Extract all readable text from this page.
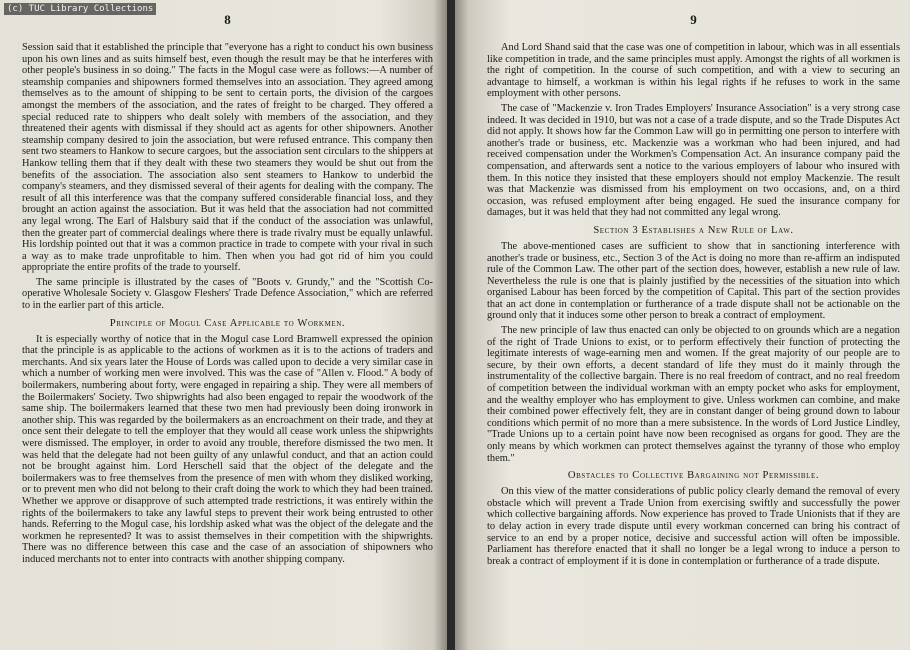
(c) TUC Library Collections
8

Session said that it established the principle that "everyone has a right to conduct his own business upon his own lines and as suits himself best, even though the result may be that he interferes with other people's business in so doing." The facts in the Mogul case were as follows:—A number of steamship companies and shipowners formed themselves into an association. They agreed among themselves as to the amount of shipping to be sent to certain ports, the division of the cargoes amongst the members of the association, and the rates of freight to be charged. They offered a special reduced rate to shippers who dealt solely with members of the association, and they threatened their agents with dismissal if they should act as agents for other shipowners. Another steamship company desired to join the association, but were refused entrance. This company then sent two steamers to Hankow to secure cargoes, but the association sent circulars to the shippers at Hankow telling them that if they dealt with these two steamers they would be shut out from the benefits of the association. The association also sent steamers to Hankow to underbid the company's steamers, and they dismissed several of their agents for dealing with the company. The result of all this interference was that the company suffered considerable financial loss, and they brought an action against the association. But it was held that the association had not committed any legal wrong. The Earl of Halsbury said that if the conduct of the association was unlawful, then the greater part of commercial dealings where there is trade rivalry must be equally unlawful. His lordship pointed out that it was a common practice in trade to compete with your rival in such a way as to make trade unprofitable to him. Then when you had got rid of him you could appropriate the entire profits of the trade to yourself.

The same principle is illustrated by the cases of "Boots v. Grundy," and the "Scottish Co-operative Wholesale Society v. Glasgow Fleshers' Trade Defence Association," which are referred to in the earlier part of this article.

Principle of Mogul Case Applicable to Workmen.

It is especially worthy of notice that in the Mogul case Lord Bramwell expressed the opinion that the principle is as applicable to the actions of workmen as it is to the actions of traders and merchants. And six years later the House of Lords was called upon to decide a very similar case in which a number of working men were involved. This was the case of "Allen v. Flood." A body of boilermakers, numbering about forty, were engaged in repairing a ship. They were all members of the Boilermakers' Society. Two shipwrights had also been engaged to repair the woodwork of the same ship. The boilermakers learned that these two men had previously been doing ironwork in another ship. This was regarded by the boilermakers as an encroachment on their trade, and they at once sent their delegate to tell the employer that they would all cease work unless the shipwrights were dismissed. The employer, in order to avoid any trouble, therefore dismissed the two men. It was held that the delegate had not been guilty of any unlawful conduct, and that an action could not be brought against him. Lord Herschell said that the object of the delegate and the boilermakers was to free themselves from the presence of men with whom they disliked working, or to prevent men who did not belong to their craft doing the work to which they had been trained. Whether we approve or disapprove of such attempted trade restrictions, it was entirely within the rights of the boilermakers to take any lawful steps to prevent their work being entrusted to other hands. Referring to the Mogul case, his lordship asked what was the object of the delegate and the workmen he represented? It was to assist themselves in their competition with the shipwrights. There was no difference between this case and the case of an association of shipowners who induced merchants not to enter into contracts with another shipping company.

9

And Lord Shand said that the case was one of competition in labour, which was in all essentials like competition in trade, and the same principles must apply. Amongst the rights of all workmen is the right of competition. In the course of such competition, and with a view to securing an advantage to himself, a workman is within his legal rights if he refuses to work in the same employment with other persons.

The case of "Mackenzie v. Iron Trades Employers' Insurance Association" is a very strong case indeed. It was decided in 1910, but was not a case of a trade dispute, and so the Trade Disputes Act did not apply. It shows how far the Common Law will go in permitting one person to interfere with another's trade or business, etc. Mackenzie was a workman who had been injured, and had received compensation under the Workmen's Compensation Act. An insurance company paid the compensation, and afterwards sent a notice to the various employers of labour who insured with them. In this notice they insisted that these employers should not employ Mackenzie. The result was that Mackenzie was dismissed from his employment on two occasions, and, on a third occasion, was refused employment after being engaged. He sued the insurance company for damages, but it was held that they had not committed any legal wrong.

Section 3 Establishes a New Rule of Law.

The above-mentioned cases are sufficient to show that in sanctioning interference with another's trade or business, etc., Section 3 of the Act is doing no more than re-affirm an indisputed rule of the Common Law. The other part of the section does, however, establish a new rule of law. Nevertheless the rule is one that is plainly justified by the necessities of the situation into which organised Labour has been forced by the competition of Capital. This part of the section provides that an act done in contemplation or furtherance of a trade dispute shall not be actionable on the ground only that it induces some other person to break a contract of employment.

The new principle of law thus enacted can only be objected to on grounds which are a negation of the right of Trade Unions to exist, or to perform effectively their function of protecting the legitimate interests of wage-earning men and women. If the great majority of our people are to secure, by their own efforts, a decent standard of life they must do it mainly through the instrumentality of the collective bargain. There is no real freedom of contract, and no real freedom of competition between the individual workman with an empty pocket who asks for employment, and the wealthy employer who has employment to give. Unless workmen can combine, and make their combined power effectively felt, they are in constant danger of being ground down to labour conditions which permit of no more than a mere subsistence. In the words of Lord Justice Lindley, "Trade Unions up to a certain point have now been recognised as organs for good. They are the only means by which workmen can protect themselves against the tyranny of those who employ them."

Obstacles to Collective Bargaining not Permissible.

On this view of the matter considerations of public policy clearly demand the removal of every obstacle which will prevent a Trade Union from exercising swiftly and successfully the power which collective bargaining affords. Now experience has proved to Trade Unionists that if they are to delay action in every trade dispute until every workman concerned can bring his contract of service to an end by a proper notice, decisive and successful action will often be impossible. Parliament has therefore enacted that it shall no longer be a legal wrong to induce a person to break a contract of employment if it is done in contemplation or furtherance of a trade dispute.
